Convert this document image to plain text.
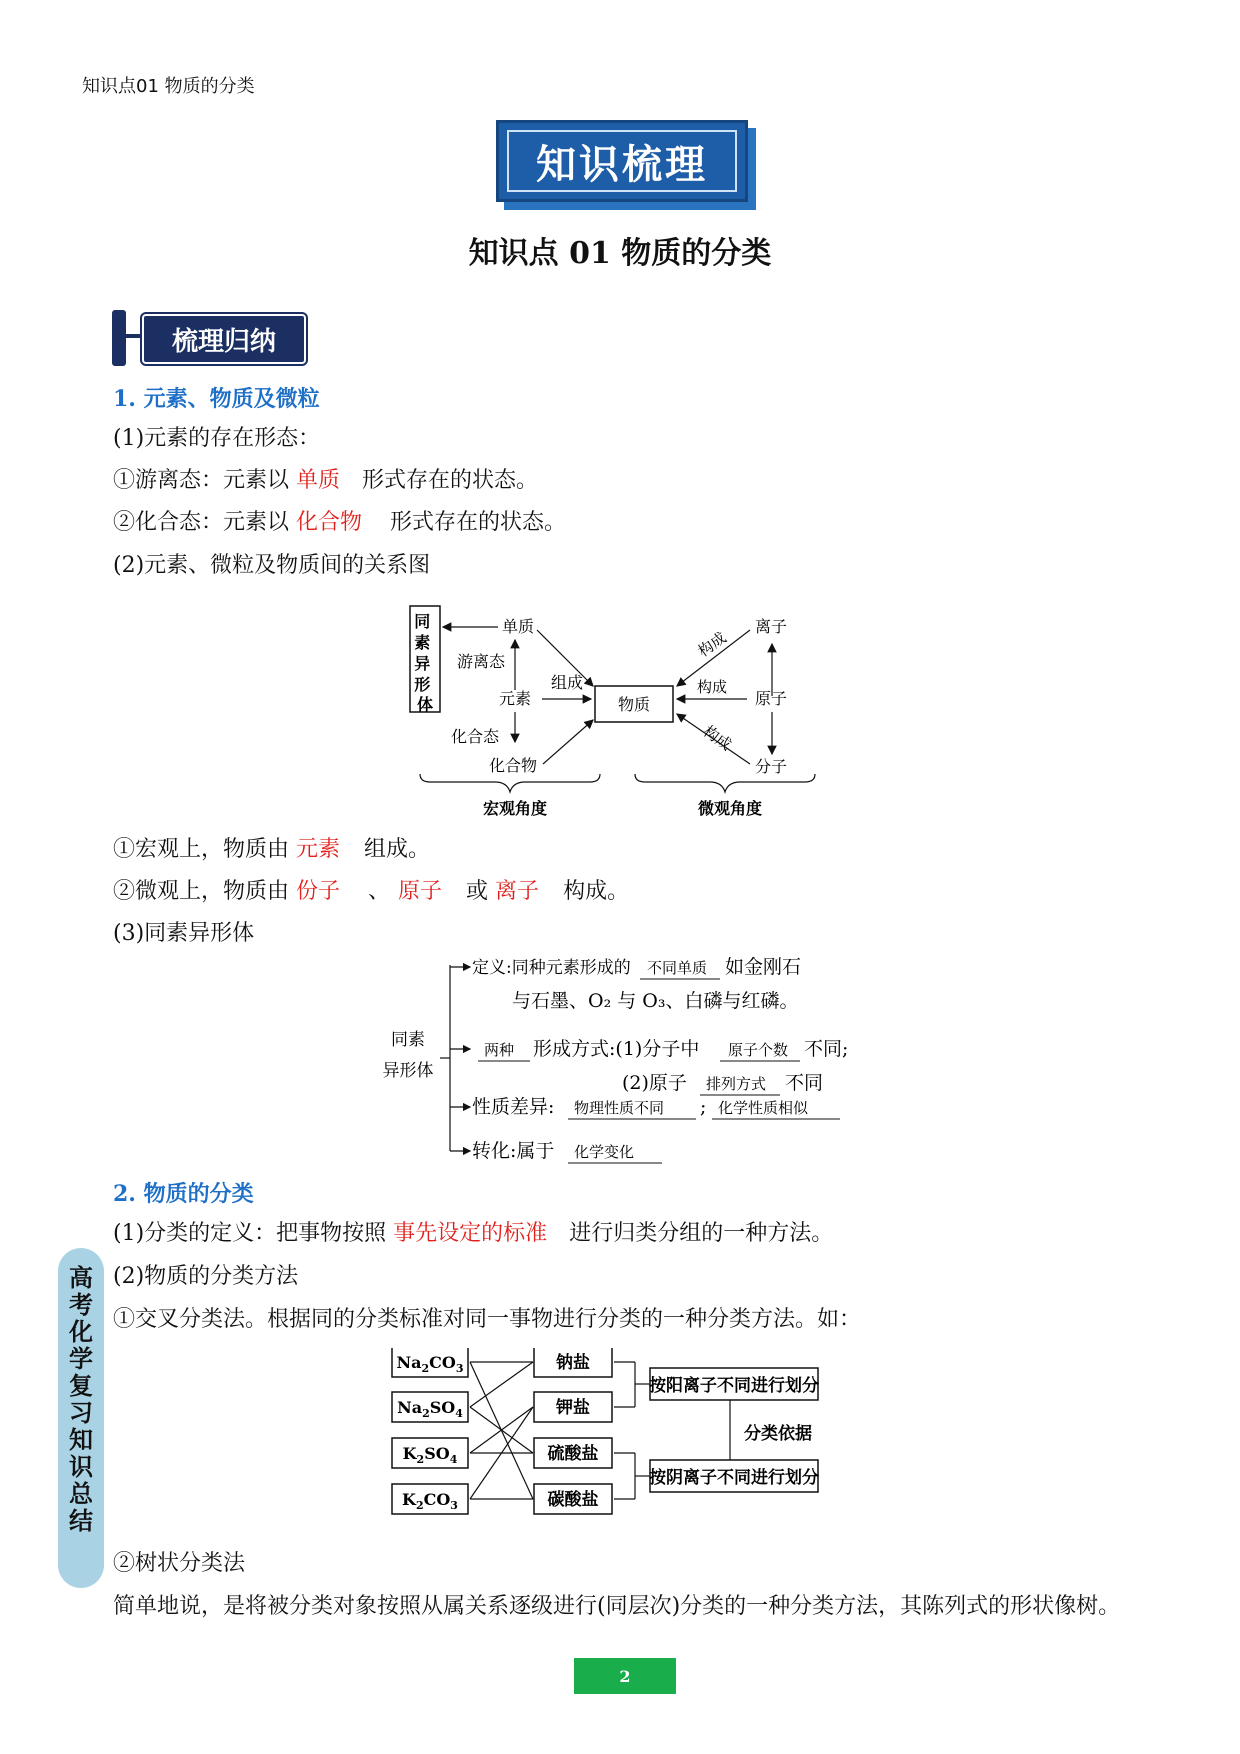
知识点01 物质的分类
知识梳理
知识点 01 物质的分类
梳理归纳
1. 元素、物质及微粒
(1)元素的存在形态：
①游离态：元素以 单质 形式存在的状态。
②化合态：元素以 化合物 形式存在的状态。
(2)元素、微粒及物质间的关系图
同 素 异 形 体
单质
游离态
元素
化合态
化合物
组成
物质
离子
原子
分子
构成
构成
构成
宏观角度	微观角度
①宏观上，物质由 元素 组成。
②微观上，物质由 份子 、 原子 或 离子 构成。
(3)同素异形体
同素
异形体
定义:同种元素形成的 不同单质 如金刚石
与石墨、O₂ 与 O₃、白磷与红磷。
两种 形成方式:(1)分子中 原子个数 不同;
(2)原子 排列方式 不同
性质差异: 物理性质不同 ; 化学性质相似
转化:属于 化学变化
2. 物质的分类
(1)分类的定义：把事物按照 事先设定的标准 进行归类分组的一种方法。
(2)物质的分类方法
①交叉分类法。根据同的分类标准对同一事物进行分类的一种分类方法。如：
$Na_2CO_3$
$Na_2SO_4$
$K_2SO_4$
$K_2CO_3$
钠盐
钾盐
硫酸盐
碳酸盐
按阳离子不同进行划分
按阴离子不同进行划分
分类依据
②树状分类法
简单地说，是将被分类对象按照从属关系逐级进行(同层次)分类的一种分类方法，其陈列式的形状像树。
高
考
化
学
复
习
知
识
总
结
2
